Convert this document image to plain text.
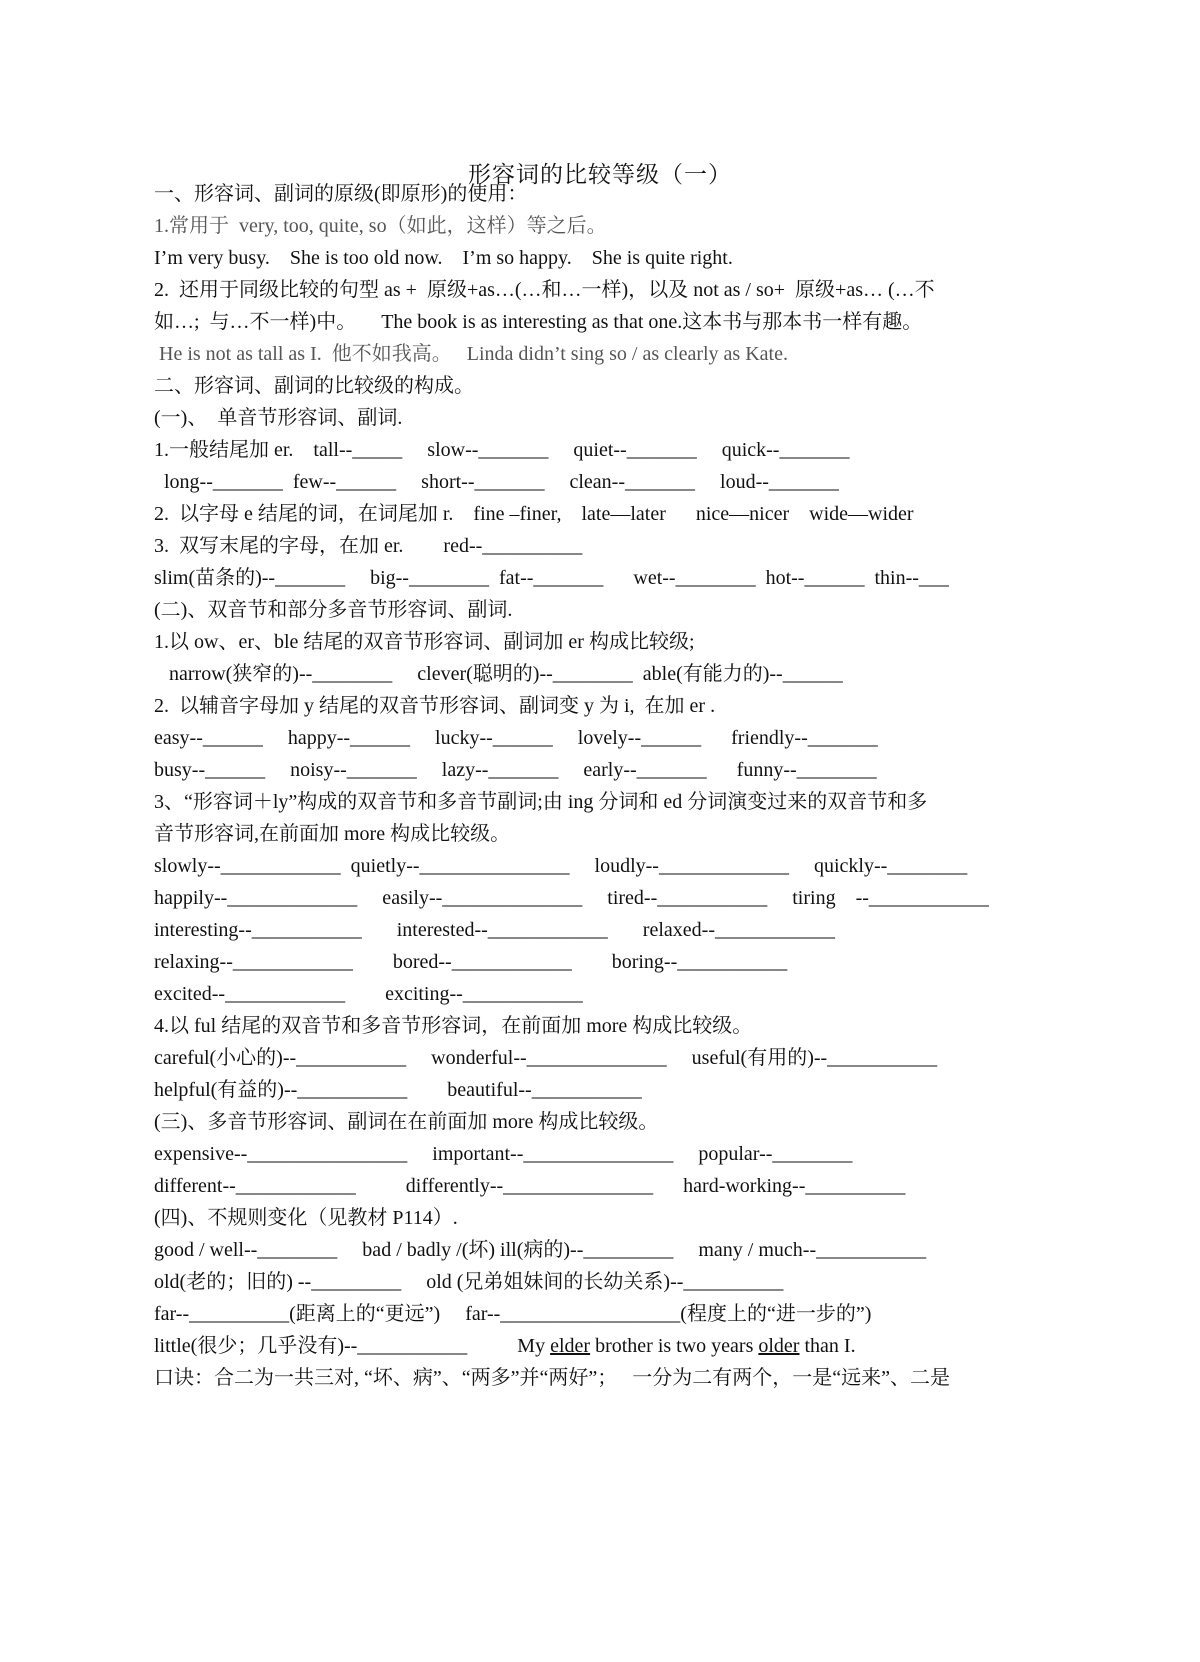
形容词的比较等级（一）
一、形容词、副词的原级(即原形)的使用：
1.常用于  very, too, quite, so（如此，这样）等之后。
I’m very busy.    She is too old now.    I’m so happy.    She is quite right.
2.  还用于同级比较的句型 as +  原级+as…(…和…一样)，以及 not as / so+  原级+as… (…不
如…;  与…不一样)中。     The book is as interesting as that one.这本书与那本书一样有趣。
He is not as tall as I.  他不如我高。   Linda didn’t sing so / as clearly as Kate.
二、形容词、副词的比较级的构成。
(一)、  单音节形容词、副词.
1.一般结尾加 er.    tall--_____     slow--_______     quiet--_______     quick--_______
long--_______  few--______     short--_______     clean--_______     loud--_______
2.  以字母 e 结尾的词，在词尾加 r.    fine –finer,    late—later      nice—nicer    wide—wider
3.  双写末尾的字母，在加 er.        red--__________
slim(苗条的)--_______     big--________  fat--_______      wet--________  hot--______  thin--___
(二)、双音节和部分多音节形容词、副词.
1.以 ow、er、ble 结尾的双音节形容词、副词加 er 构成比较级;
narrow(狭窄的)--________     clever(聪明的)--________  able(有能力的)--______
2.  以辅音字母加 y 结尾的双音节形容词、副词变 y 为 i,  在加 er .
easy--______     happy--______     lucky--______     lovely--______      friendly--_______
busy--______     noisy--_______     lazy--_______     early--_______      funny--________
3、“形容词＋ly”构成的双音节和多音节副词;由 ing 分词和 ed 分词演变过来的双音节和多
音节形容词,在前面加 more 构成比较级。
slowly--____________  quietly--_______________     loudly--_____________     quickly--________
happily--_____________     easily--______________     tired--___________     tiring    --____________
interesting--___________       interested--____________       relaxed--____________
relaxing--____________        bored--____________        boring--___________
excited--____________        exciting--____________
4.以 ful 结尾的双音节和多音节形容词，在前面加 more 构成比较级。
careful(小心的)--___________     wonderful--______________     useful(有用的)--___________
helpful(有益的)--___________        beautiful--___________
(三)、多音节形容词、副词在在前面加 more 构成比较级。
expensive--________________     important--_______________     popular--________
different--____________          differently--_______________      hard-working--__________
(四)、不规则变化（见教材 P114）.
good / well--________     bad / badly /(坏) ill(病的)--_________     many / much--___________
old(老的；旧的) --_________     old (兄弟姐妹间的长幼关系)--__________
far--__________(距离上的“更远”)     far--__________________(程度上的“进一步的”)
little(很少；几乎没有)--___________          My elder brother is two years older than I.
口诀：合二为一共三对, “坏、病”、“两多”并“两好”；   一分为二有两个，一是“远来”、二是
